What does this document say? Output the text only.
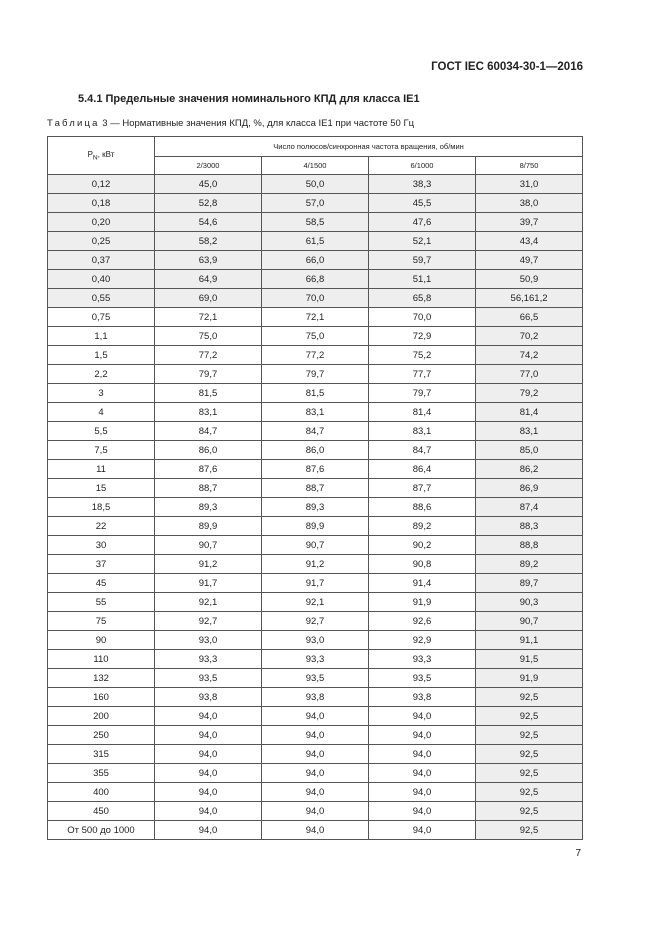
ГОСТ IEC 60034-30-1—2016
5.4.1 Предельные значения номинального КПД для класса IE1
Таблица 3 — Нормативные значения КПД, %, для класса IE1 при частоте 50 Гц
$P_N$, кВт	Число полюсов/синхронная частота вращения, об/мин			
	2/3000	4/1500	6/1000	8/750
0,12	45,0	50,0	38,3	31,0
0,18	52,8	57,0	45,5	38,0
0,20	54,6	58,5	47,6	39,7
0,25	58,2	61,5	52,1	43,4
0,37	63,9	66,0	59,7	49,7
0,40	64,9	66,8	51,1	50,9
0,55	69,0	70,0	65,8	56,161,2
0,75	72,1	72,1	70,0	66,5
1,1	75,0	75,0	72,9	70,2
1,5	77,2	77,2	75,2	74,2
2,2	79,7	79,7	77,7	77,0
3	81,5	81,5	79,7	79,2
4	83,1	83,1	81,4	81,4
5,5	84,7	84,7	83,1	83,1
7,5	86,0	86,0	84,7	85,0
11	87,6	87,6	86,4	86,2
15	88,7	88,7	87,7	86,9
18,5	89,3	89,3	88,6	87,4
22	89,9	89,9	89,2	88,3
30	90,7	90,7	90,2	88,8
37	91,2	91,2	90,8	89,2
45	91,7	91,7	91,4	89,7
55	92,1	92,1	91,9	90,3
75	92,7	92,7	92,6	90,7
90	93,0	93,0	92,9	91,1
110	93,3	93,3	93,3	91,5
132	93,5	93,5	93,5	91,9
160	93,8	93,8	93,8	92,5
200	94,0	94,0	94,0	92,5
250	94,0	94,0	94,0	92,5
315	94,0	94,0	94,0	92,5
355	94,0	94,0	94,0	92,5
400	94,0	94,0	94,0	92,5
450	94,0	94,0	94,0	92,5
От 500 до 1000	94,0	94,0	94,0	92,5
7
